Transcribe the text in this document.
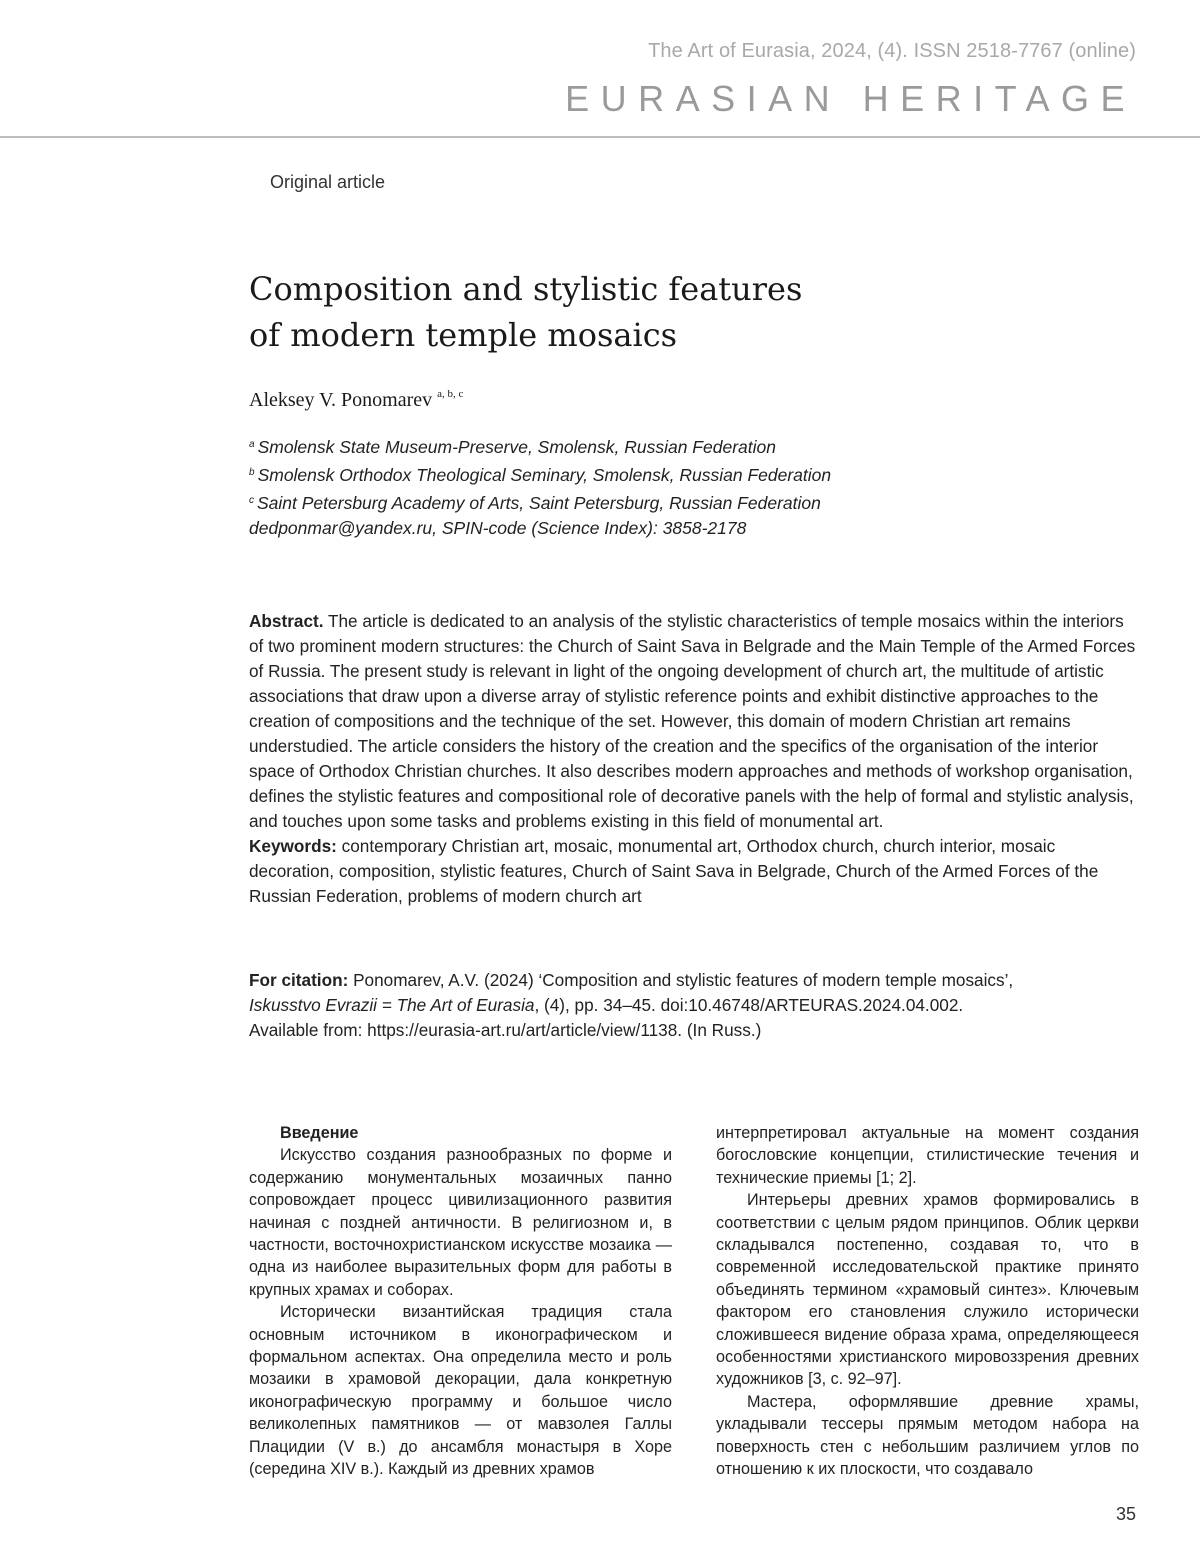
The Art of Eurasia, 2024, (4). ISSN 2518-7767 (online)
EURASIAN HERITAGE
Original article
Composition and stylistic features
of modern temple mosaics
Aleksey V. Ponomarev $^{a, b, c}$
$^a$ Smolensk State Museum-Preserve, Smolensk, Russian Federation
$^b$ Smolensk Orthodox Theological Seminary, Smolensk, Russian Federation
$^c$ Saint Petersburg Academy of Arts, Saint Petersburg, Russian Federation
dedponmar@yandex.ru, SPIN-code (Science Index): 3858-2178

Abstract. The article is dedicated to an analysis of the stylistic characteristics of temple mosaics within the interiors of two prominent modern structures: the Church of Saint Sava in Belgrade and the Main Temple of the Armed Forces of Russia. The present study is relevant in light of the ongoing development of church art, the multitude of artistic associations that draw upon a diverse array of stylistic reference points and exhibit distinctive approaches to the creation of compositions and the technique of the set. However, this domain of modern Christian art remains understudied. The article considers the history of the creation and the specifics of the organisation of the interior space of Orthodox Christian churches. It also describes modern approaches and methods of workshop organisation, defines the stylistic features and compositional role of decorative panels with the help of formal and stylistic analysis, and touches upon some tasks and problems existing in this field of monumental art.

Keywords: contemporary Christian art, mosaic, monumental art, Orthodox church, church interior, mosaic decoration, composition, stylistic features, Church of Saint Sava in Belgrade, Church of the Armed Forces of the Russian Federation, problems of modern church art

For citation: Ponomarev, A.V. (2024) ‘Composition and stylistic features of modern temple mosaics’,
Iskusstvo Evrazii = The Art of Eurasia, (4), pp. 34–45. doi:10.46748/ARTEURAS.2024.04.002.
Available from: https://eurasia-art.ru/art/article/view/1138. (In Russ.)

Введение

Искусство создания разнообразных по форме и содержанию монументальных мозаичных панно сопровождает процесс цивилизационного развития начиная с поздней античности. В религиозном и, в частности, восточнохристианском искусстве мозаика — одна из наиболее выразительных форм для работы в крупных храмах и соборах.

Исторически византийская традиция стала основным источником в иконографическом и формальном аспектах. Она определила место и роль мозаики в храмовой декорации, дала конкретную иконографическую программу и большое число великолепных памятников — от мавзолея Галлы Плацидии (V в.) до ансамбля монастыря в Хоре (середина XIV в.). Каждый из древних храмов

интерпретировал актуальные на момент создания богословские концепции, стилистические течения и технические приемы [1; 2].

Интерьеры древних храмов формировались в соответствии с целым рядом принципов. Облик церкви складывался постепенно, создавая то, что в современной исследовательской практике принято объединять термином «храмовый синтез». Ключевым фактором его становления служило исторически сложившееся видение образа храма, определяющееся особенностями христианского мировоззрения древних художников [3, с. 92–97].

Мастера, оформлявшие древние храмы, укладывали тессеры прямым методом набора на поверхность стен с небольшим различием углов по отношению к их плоскости, что создавало

35
